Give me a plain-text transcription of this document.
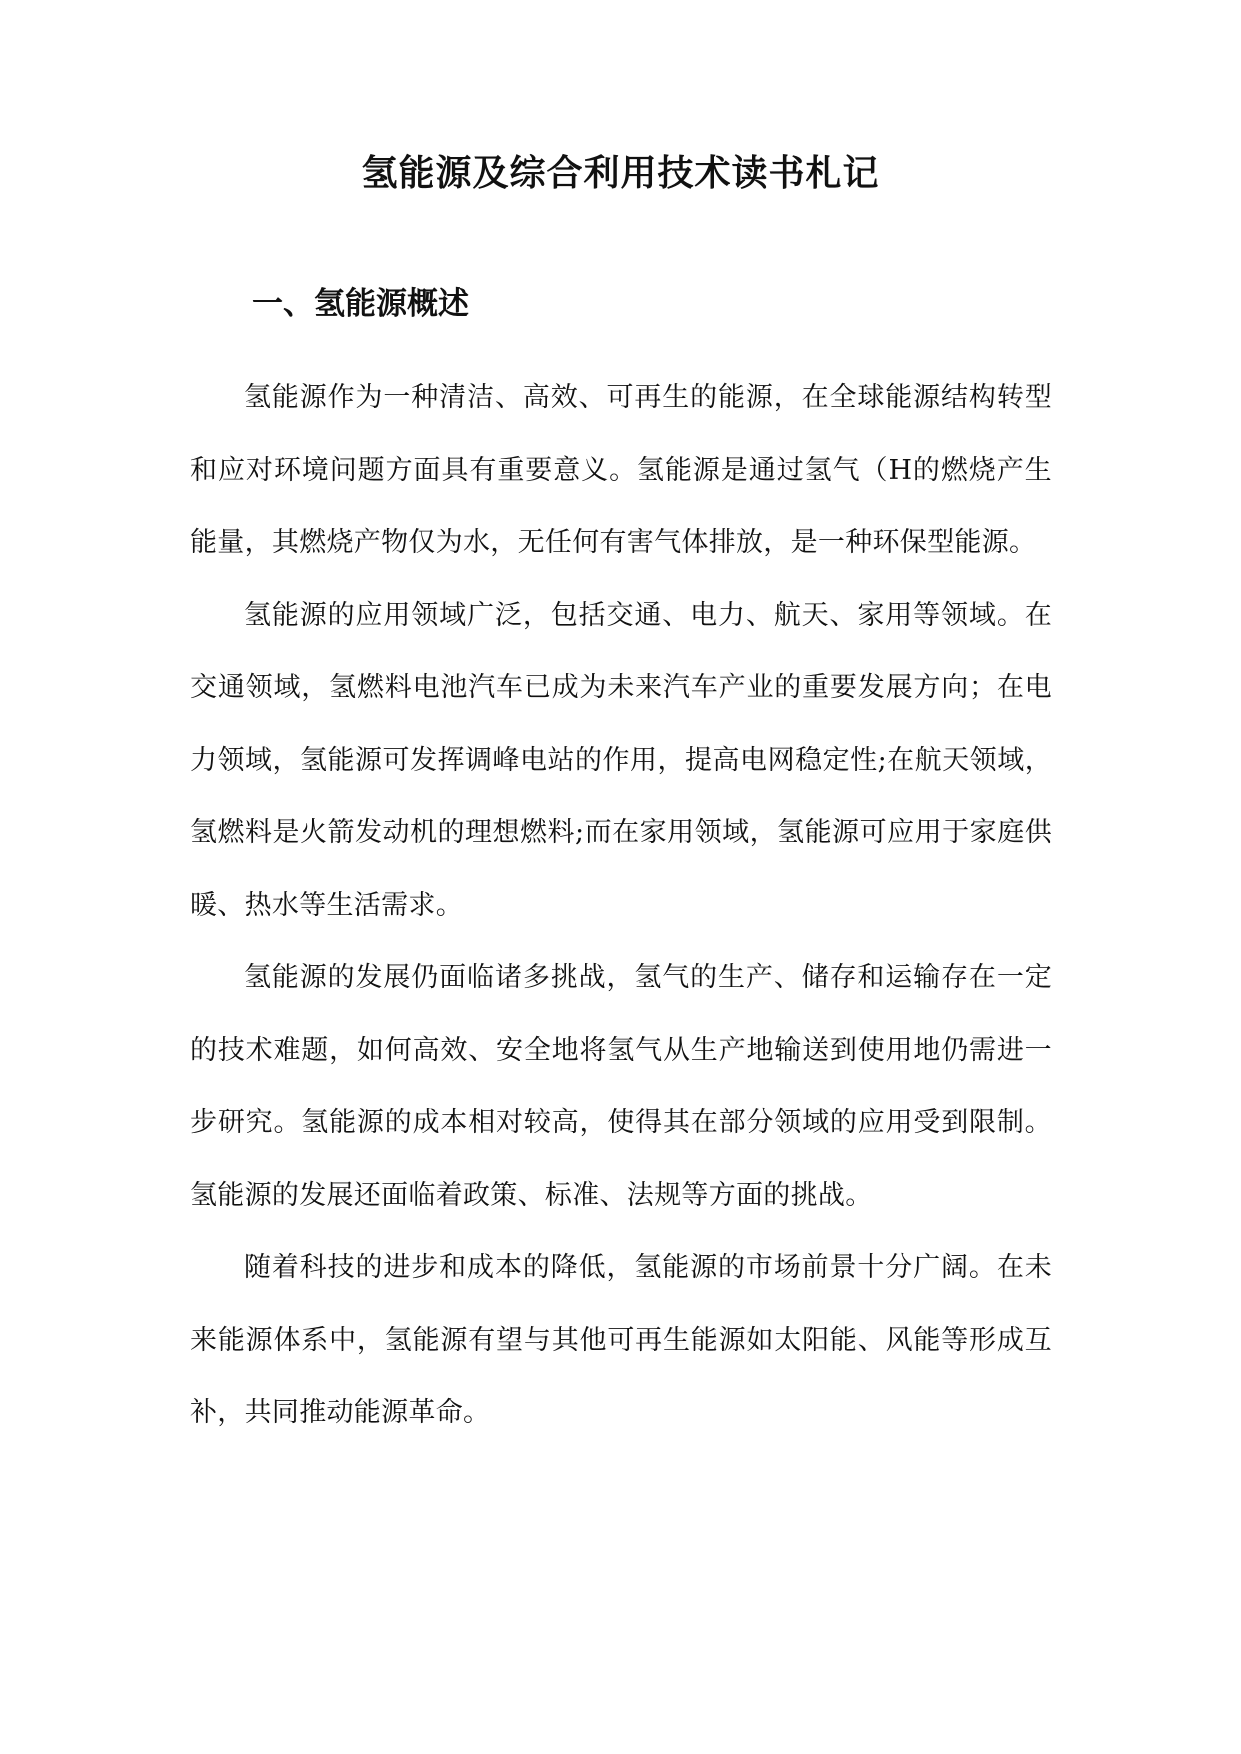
氢能源及综合利用技术读书札记
一、氢能源概述

氢能源作为一种清洁、高效、可再生的能源，在全球能源结构转型和应对环境问题方面具有重要意义。氢能源是通过氢气（H的燃烧产生能量，其燃烧产物仅为水，无任何有害气体排放，是一种环保型能源。

氢能源的应用领域广泛，包括交通、电力、航天、家用等领域。在交通领域，氢燃料电池汽车已成为未来汽车产业的重要发展方向；在电力领域，氢能源可发挥调峰电站的作用，提高电网稳定性;在航天领域，氢燃料是火箭发动机的理想燃料;而在家用领域，氢能源可应用于家庭供暖、热水等生活需求。

氢能源的发展仍面临诸多挑战，氢气的生产、储存和运输存在一定的技术难题，如何高效、安全地将氢气从生产地输送到使用地仍需进一步研究。氢能源的成本相对较高，使得其在部分领域的应用受到限制。氢能源的发展还面临着政策、标准、法规等方面的挑战。

随着科技的进步和成本的降低，氢能源的市场前景十分广阔。在未来能源体系中，氢能源有望与其他可再生能源如太阳能、风能等形成互补，共同推动能源革命。
